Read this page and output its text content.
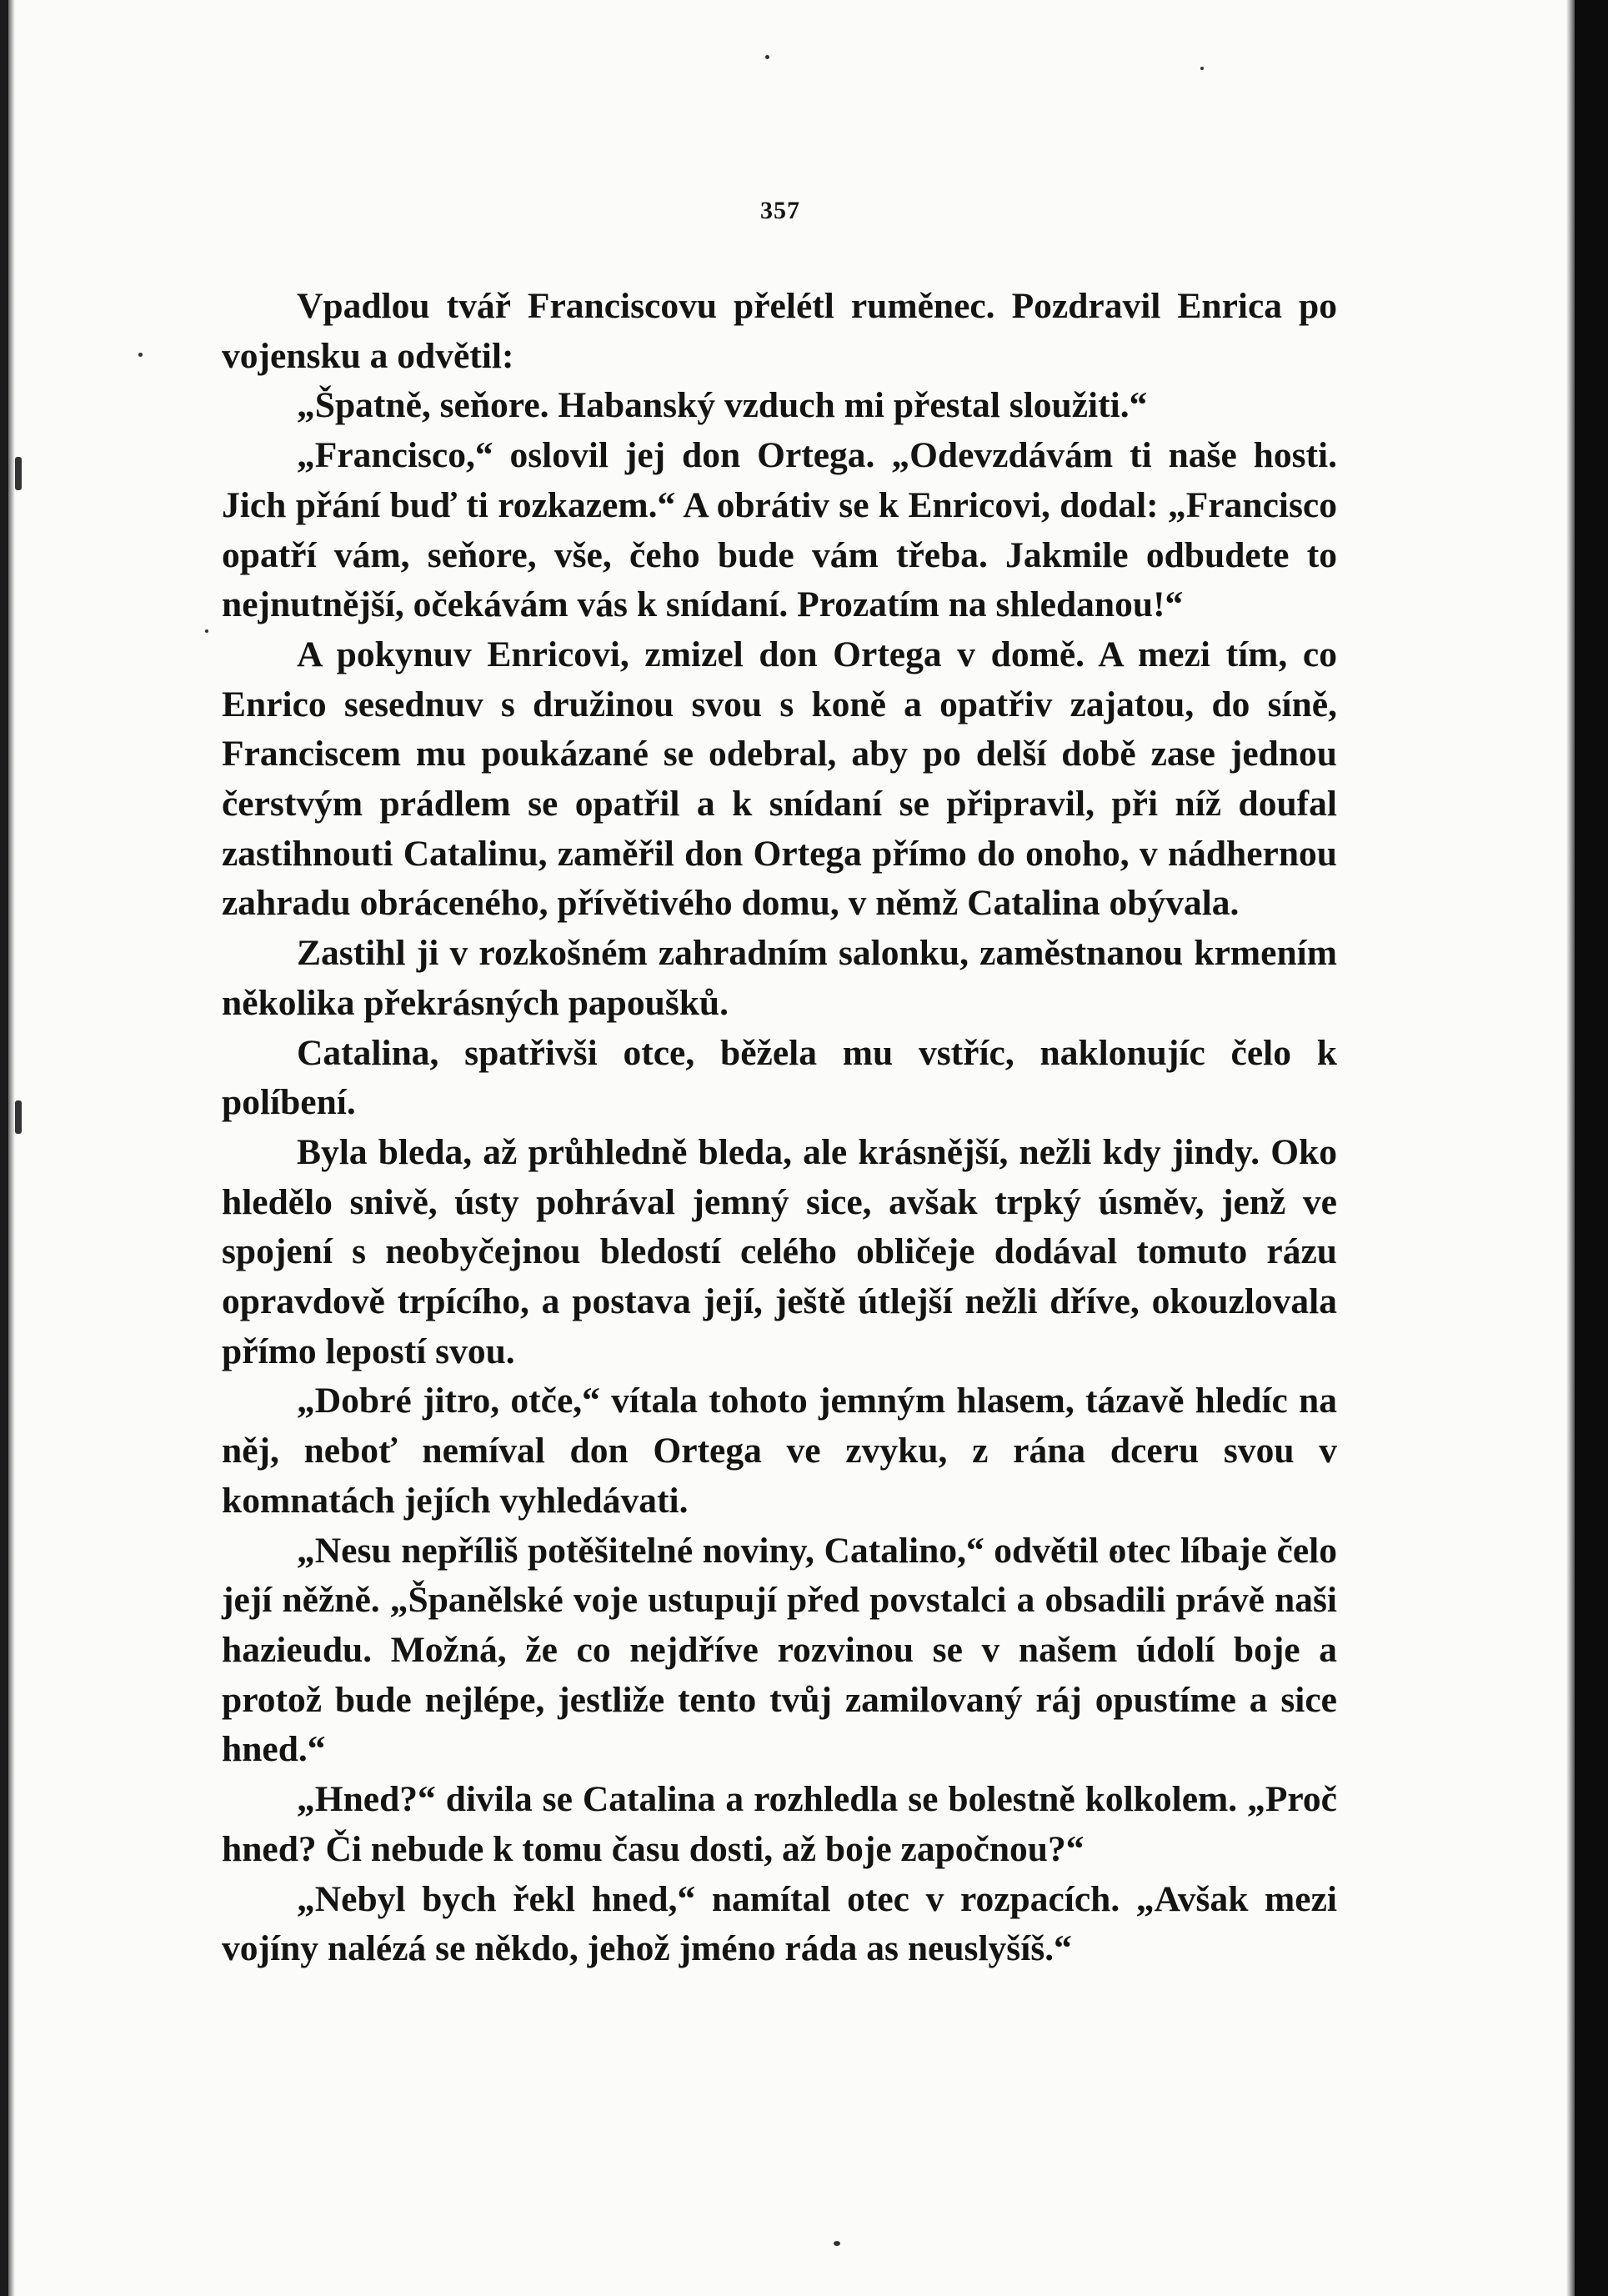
357

Vpadlou tvář Franciscovu přelétl ruměnec. Pozdravil Enrica po vojensku a odvětil:

„Špatně, seňore. Habanský vzduch mi přestal sloužiti.“

„Francisco,“ oslovil jej don Ortega. „Odevzdávám ti naše hosti. Jich přání buď ti rozkazem.“ A obrátiv se k Enricovi, dodal: „Francisco opatří vám, seňore, vše, čeho bude vám třeba. Jakmile odbudete to nejnutnější, očekávám vás k snídaní. Prozatím na shledanou!“

A pokynuv Enricovi, zmizel don Ortega v domě. A mezi tím, co Enrico sesednuv s družinou svou s koně a opatřiv zajatou, do síně, Franciscem mu poukázané se odebral, aby po delší době zase jednou čerstvým prádlem se opatřil a k snídaní se připravil, při níž doufal zastihnouti Catalinu, zaměřil don Ortega přímo do onoho, v nádhernou zahradu obráceného, přívětivého domu, v němž Catalina obývala.

Zastihl ji v rozkošném zahradním salonku, zaměstnanou krmením několika překrásných papoušků.

Catalina, spatřivši otce, běžela mu vstříc, naklonujíc čelo k políbení.

Byla bleda, až průhledně bleda, ale krásnější, nežli kdy jindy. Oko hledělo snivě, ústy pohrával jemný sice, avšak trpký úsměv, jenž ve spojení s neobyčejnou bledostí celého obličeje dodával tomuto rázu opravdově trpícího, a postava její, ještě útlejší nežli dříve, okouzlovala přímo lepostí svou.

„Dobré jitro, otče,“ vítala tohoto jemným hlasem, tázavě hledíc na něj, neboť nemíval don Ortega ve zvyku, z rána dceru svou v komnatách jejích vyhledávati.

„Nesu nepříliš potěšitelné noviny, Catalino,“ odvětil otec líbaje čelo její něžně. „Španělské voje ustupují před povstalci a obsadili právě naši hazieudu. Možná, že co nejdříve rozvinou se v našem údolí boje a protož bude nejlépe, jestliže tento tvůj zamilovaný ráj opustíme a sice hned.“

„Hned?“ divila se Catalina a rozhledla se bolestně kolkolem. „Proč hned? Či nebude k tomu času dosti, až boje započnou?“

„Nebyl bych řekl hned,“ namítal otec v rozpacích. „Avšak mezi vojíny nalézá se někdo, jehož jméno ráda as neuslyšíš.“
